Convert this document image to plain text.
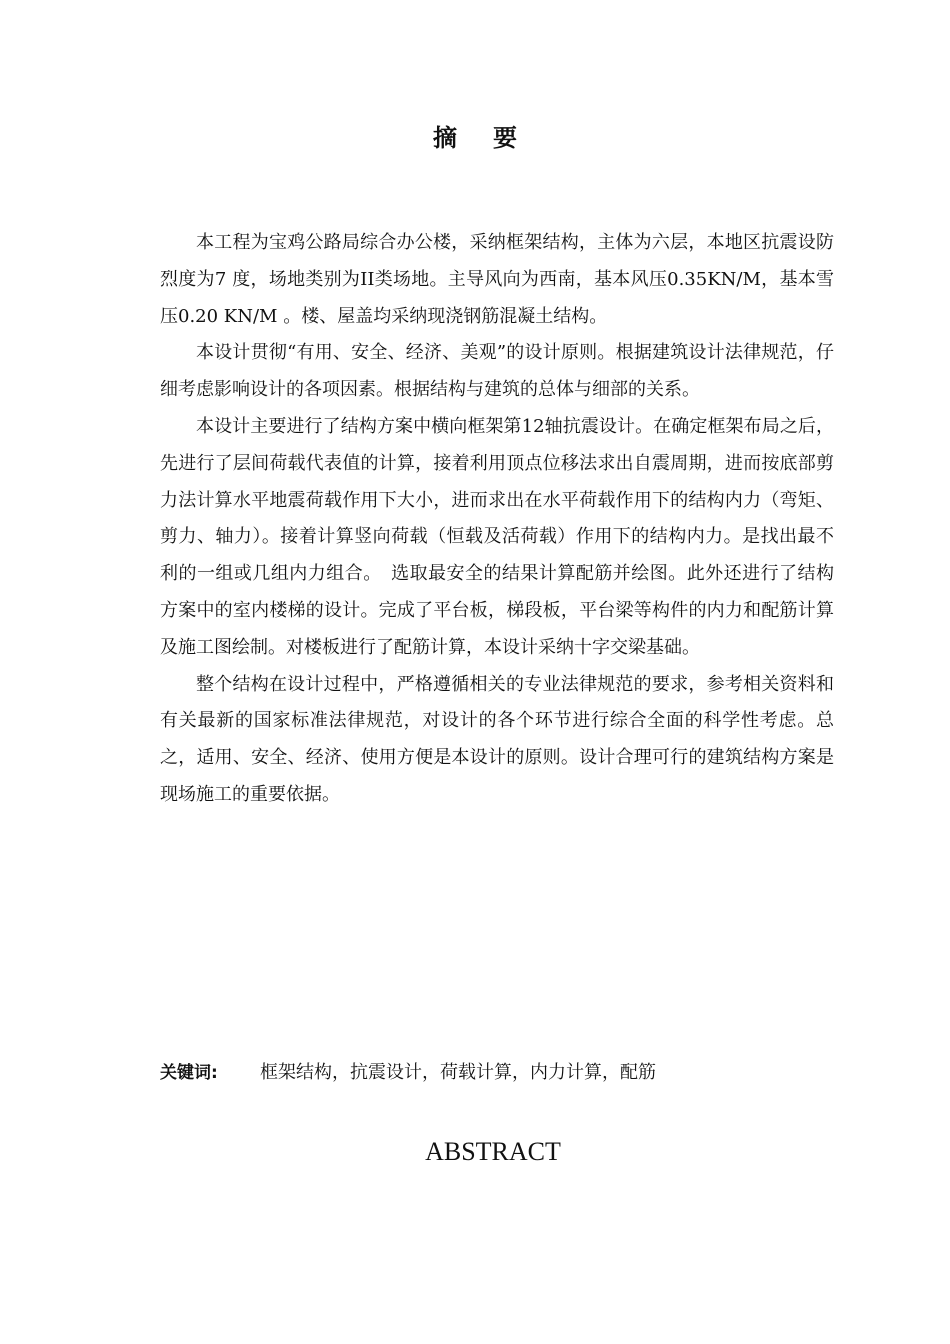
摘 要

本工程为宝鸡公路局综合办公楼，采纳框架结构，主体为六层，本地区抗震设防烈度为7 度，场地类别为II类场地。主导风向为西南，基本风压0.35KN/M，基本雪压0.20 KN/M 。楼、屋盖均采纳现浇钢筋混凝土结构。

本设计贯彻“有用、安全、经济、美观”的设计原则。根据建筑设计法律规范，仔细考虑影响设计的各项因素。根据结构与建筑的总体与细部的关系。

本设计主要进行了结构方案中横向框架第12轴抗震设计。在确定框架布局之后，先进行了层间荷载代表值的计算，接着利用顶点位移法求出自震周期，进而按底部剪力法计算水平地震荷载作用下大小，进而求出在水平荷载作用下的结构内力（弯矩、剪力、轴力）。接着计算竖向荷载（恒载及活荷载）作用下的结构内力。是找出最不利的一组或几组内力组合。　选取最安全的结果计算配筋并绘图。此外还进行了结构方案中的室内楼梯的设计。完成了平台板，梯段板，平台梁等构件的内力和配筋计算及施工图绘制。对楼板进行了配筋计算，本设计采纳十字交梁基础。

整个结构在设计过程中，严格遵循相关的专业法律规范的要求，参考相关资料和有关最新的国家标准法律规范，对设计的各个环节进行综合全面的科学性考虑。总之，适用、安全、经济、使用方便是本设计的原则。设计合理可行的建筑结构方案是现场施工的重要依据。

关键词: 框架结构，抗震设计，荷载计算，内力计算，配筋
ABSTRACT
